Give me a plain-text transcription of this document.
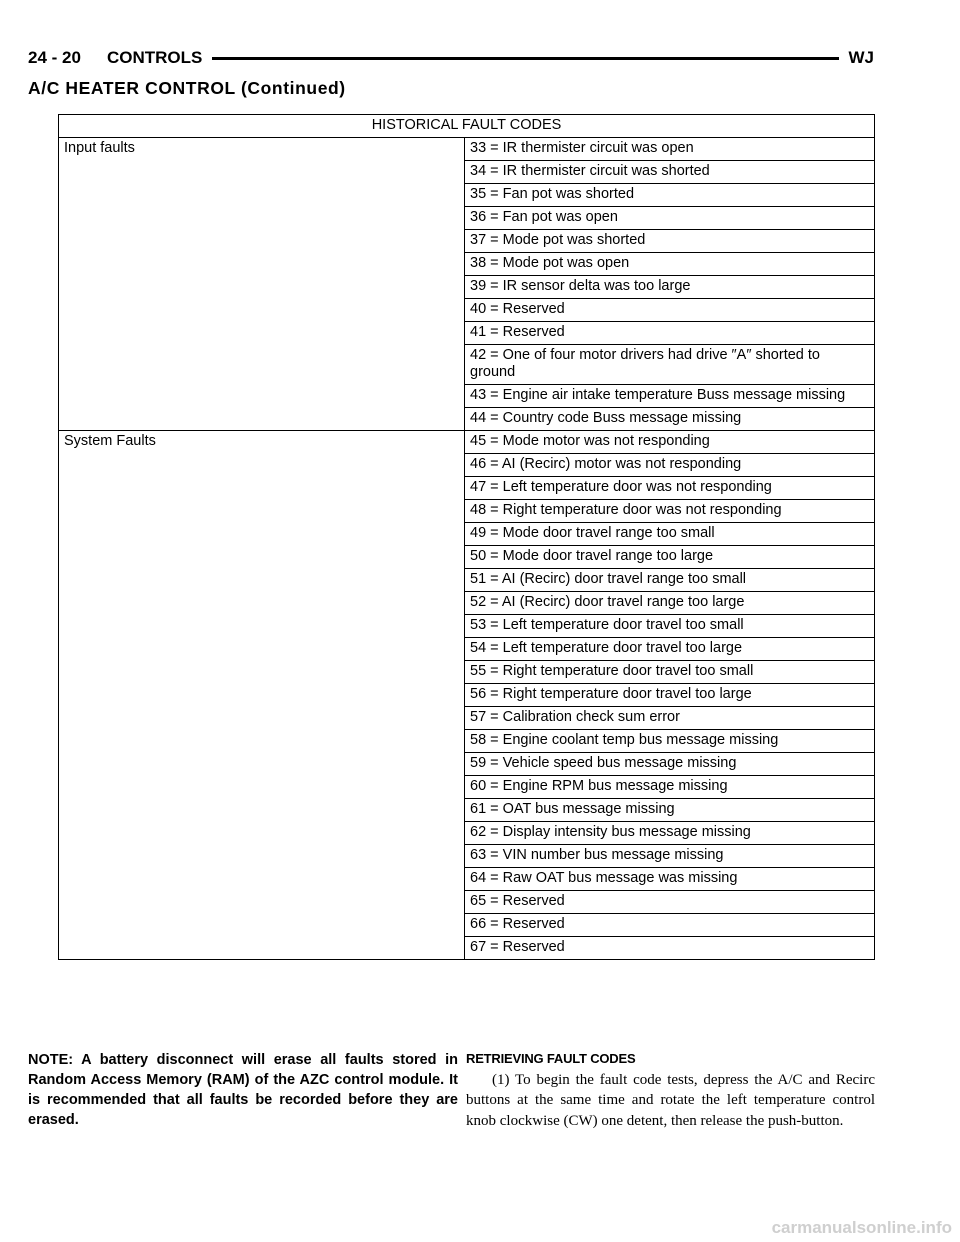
24 - 20 CONTROLS	WJ
A/C HEATER CONTROL (Continued)
HISTORICAL FAULT CODES	
Input faults	33 = IR thermister circuit was open
	34 = IR thermister circuit was shorted
	35 = Fan pot was shorted
	36 = Fan pot was open
	37 = Mode pot was shorted
	38 = Mode pot was open
	39 = IR sensor delta was too large
	40 = Reserved
	41 = Reserved
	42 = One of four motor drivers had drive ″A″ shorted to ground
	43 = Engine air intake temperature Buss message missing
	44 = Country code Buss message missing
System Faults	45 = Mode motor was not responding
	46 = AI (Recirc) motor was not responding
	47 = Left temperature door was not responding
	48 = Right temperature door was not responding
	49 = Mode door travel range too small
	50 = Mode door travel range too large
	51 = AI (Recirc) door travel range too small
	52 = AI (Recirc) door travel range too large
	53 = Left temperature door travel too small
	54 = Left temperature door travel too large
	55 = Right temperature door travel too small
	56 = Right temperature door travel too large
	57 = Calibration check sum error
	58 = Engine coolant temp bus message missing
	59 = Vehicle speed bus message missing
	60 = Engine RPM bus message missing
	61 = OAT bus message missing
	62 = Display intensity bus message missing
	63 = VIN number bus message missing
	64 = Raw OAT bus message was missing
	65 = Reserved
	66 = Reserved
	67 = Reserved
NOTE: A battery disconnect will erase all faults stored in Random Access Memory (RAM) of the AZC control module. It is recommended that all faults be recorded before they are erased.
RETRIEVING FAULT CODES
(1) To begin the fault code tests, depress the A/C and Recirc buttons at the same time and rotate the left temperature control knob clockwise (CW) one detent, then release the push-button.
carmanualsonline.info
